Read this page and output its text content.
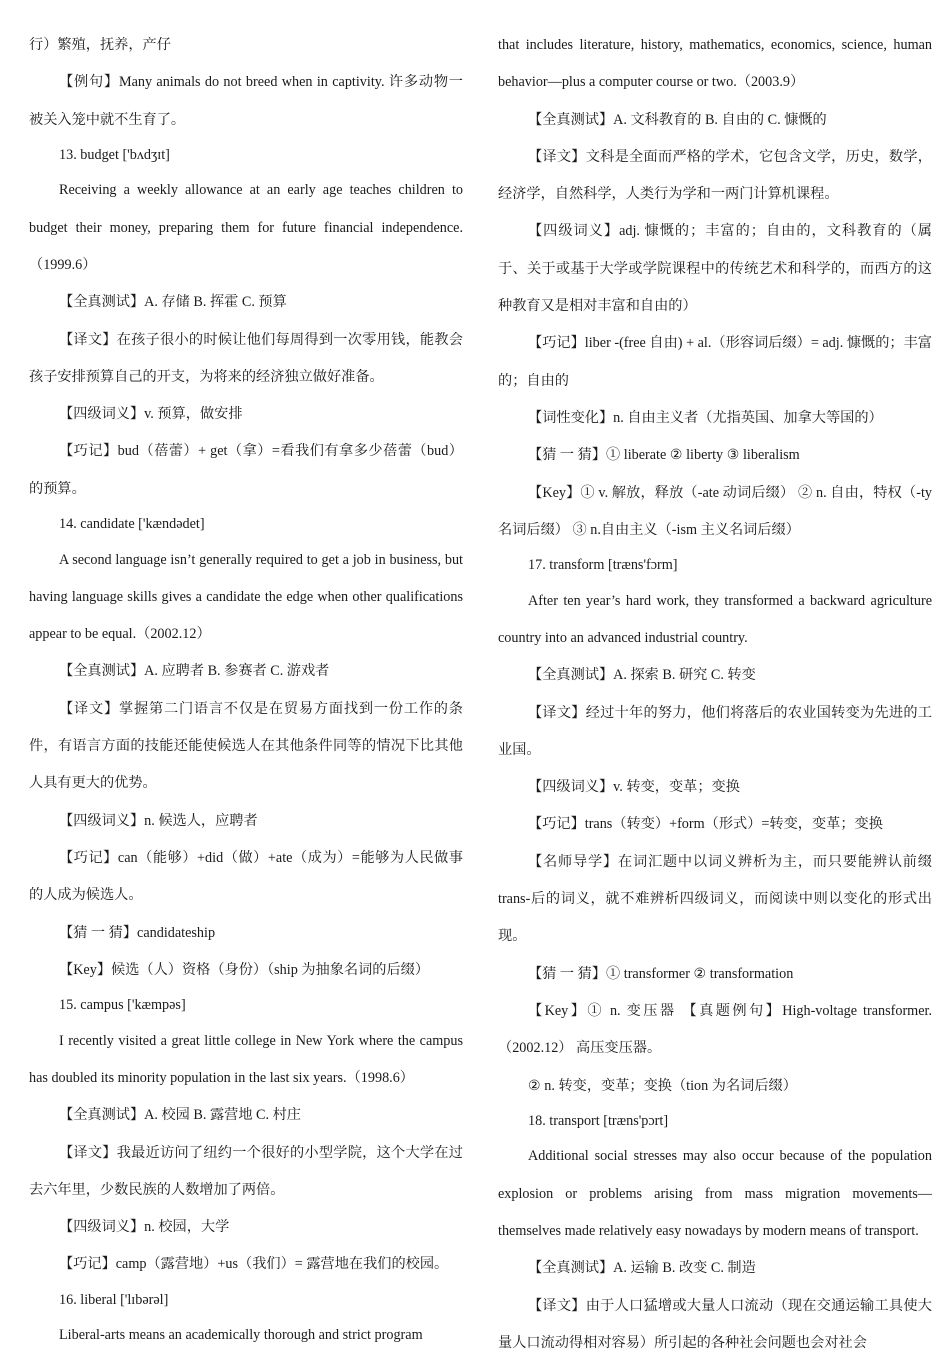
行）繁殖，抚养，产仔

【例句】Many animals do not breed when in captivity. 许多动物一被关入笼中就不生育了。

13. budget ['bʌdʒɪt]

Receiving a weekly allowance at an early age teaches children to budget their money, preparing them for future financial independence.（1999.6）

【全真测试】A. 存储 B. 挥霍 C. 预算

【译文】在孩子很小的时候让他们每周得到一次零用钱，能教会孩子安排预算自己的开支，为将来的经济独立做好准备。

【四级词义】v. 预算，做安排

【巧记】bud（蓓蕾）+ get（拿）=看我们有拿多少蓓蕾（bud）的预算。

14. candidate ['kændədet]

A second language isn’t generally required to get a job in business, but having language skills gives a candidate the edge when other qualifications appear to be equal.（2002.12）

【全真测试】A. 应聘者 B. 参赛者 C. 游戏者

【译文】掌握第二门语言不仅是在贸易方面找到一份工作的条件，有语言方面的技能还能使候选人在其他条件同等的情况下比其他人具有更大的优势。

【四级词义】n. 候选人，应聘者

【巧记】can（能够）+did（做）+ate（成为）=能够为人民做事的人成为候选人。

【猜 一 猜】candidateship

【Key】候选（人）资格（身份）（ship 为抽象名词的后缀）

15. campus ['kæmpəs]

I recently visited a great little college in New York where the campus has doubled its minority population in the last six years.（1998.6）

【全真测试】A. 校园 B. 露营地 C. 村庄

【译文】我最近访问了纽约一个很好的小型学院，这个大学在过去六年里，少数民族的人数增加了两倍。

【四级词义】n. 校园，大学

【巧记】camp（露营地）+us（我们）= 露营地在我们的校园。

16. liberal ['lɪbərəl]

Liberal-arts means an academically thorough and strict program

that includes literature, history, mathematics, economics, science, human behavior—plus a computer course or two.（2003.9）

【全真测试】A. 文科教育的 B. 自由的 C. 慷慨的

【译文】文科是全面而严格的学术，它包含文学，历史，数学，经济学，自然科学，人类行为学和一两门计算机课程。

【四级词义】adj. 慷慨的；丰富的；自由的，文科教育的（属于、关于或基于大学或学院课程中的传统艺术和科学的，而西方的这种教育又是相对丰富和自由的）

【巧记】liber -(free 自由) + al.（形容词后缀）= adj. 慷慨的；丰富的；自由的

【词性变化】n. 自由主义者（尤指英国、加拿大等国的）

【猜 一 猜】① liberate ② liberty ③ liberalism

【Key】① v. 解放，释放（-ate 动词后缀） ② n. 自由，特权（-ty 名词后缀） ③ n.自由主义（-ism 主义名词后缀）

17. transform [træns'fɔrm]

After ten year’s hard work, they transformed a backward agriculture country into an advanced industrial country.

【全真测试】A. 探索 B. 研究 C. 转变

【译文】经过十年的努力，他们将落后的农业国转变为先进的工业国。

【四级词义】v. 转变，变革；变换

【巧记】trans（转变）+form（形式）=转变，变革；变换

【名师导学】在词汇题中以词义辨析为主，而只要能辨认前缀 trans-后的词义，就不难辨析四级词义，而阅读中则以变化的形式出现。

【猜 一 猜】① transformer ② transformation

【Key】① n. 变压器 【真题例句】High-voltage transformer.（2002.12） 高压变压器。

② n. 转变，变革；变换（tion 为名词后缀）

18. transport [træns'pɔrt]

Additional social stresses may also occur because of the population explosion or problems arising from mass migration movements—themselves made relatively easy nowadays by modern means of transport.

【全真测试】A. 运输 B. 改变 C. 制造

【译文】由于人口猛增或大量人口流动（现在交通运输工具使大量人口流动得相对容易）所引起的各种社会问题也会对社会
